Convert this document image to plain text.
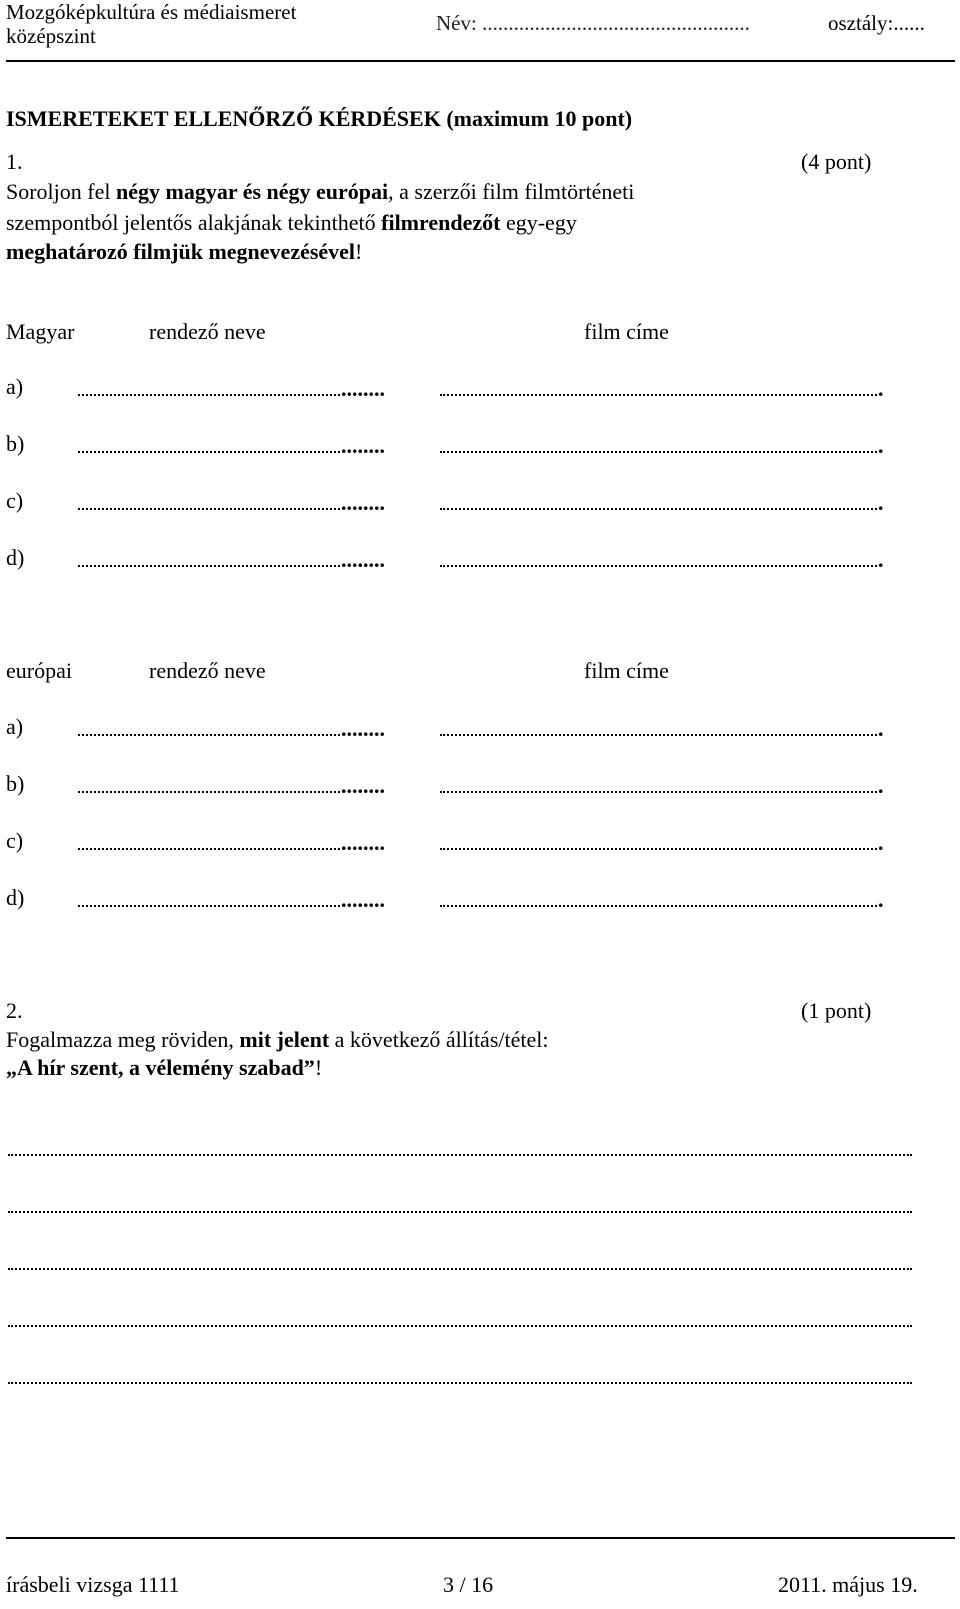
Mozgóképkultúra és médiaismeret
középszint
Név: ...................................................	osztály:......
ISMERETEKET ELLENŐRZŐ KÉRDÉSEK (maximum 10 pont)
1.	(4 pont)
Soroljon fel négy magyar és négy európai, a szerzői film filmtörténeti
szempontból jelentős alakjának tekinthető filmrendezőt egy-egy
meghatározó filmjük megnevezésével!
Magyar	rendező neve	film címe
a)	........	.
b)	........	.
c)	........	.
d)	........	.
európai	rendező neve	film címe
a)	........	.
b)	........	.
c)	........	.
d)	........	.
2.	(1 pont)
Fogalmazza meg röviden, mit jelent a következő állítás/tétel:
„A hír szent, a vélemény szabad”!
írásbeli vizsga 1111	3 / 16	2011. május 19.
